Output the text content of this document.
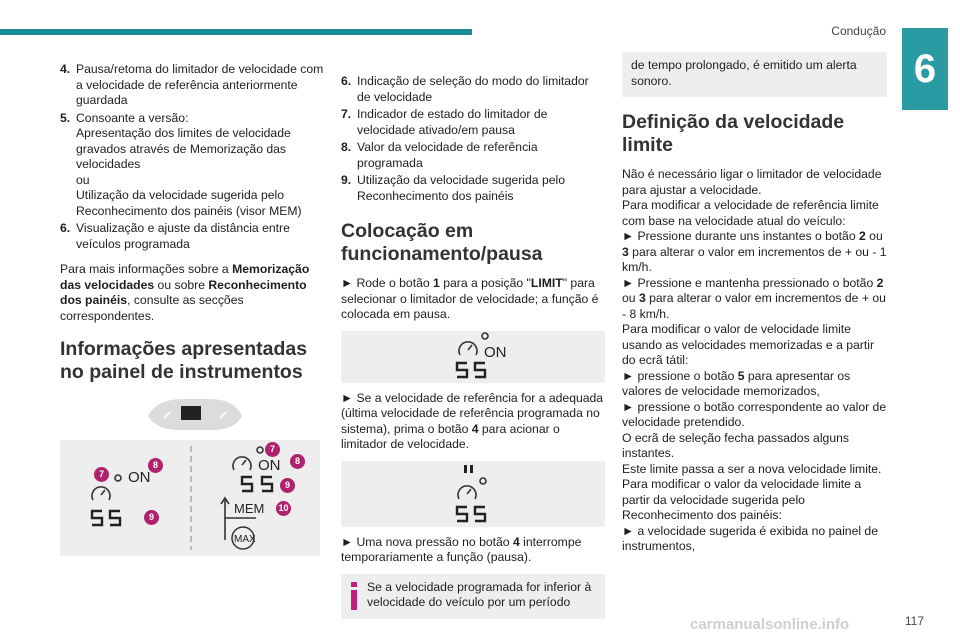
Condução
6
4. Pausa/retoma do limitador de velocidade com a velocidade de referência anteriormente guardada
5. Consoante a versão:
Apresentação dos limites de velocidade gravados através de Memorização das velocidades
ou
Utilização da velocidade sugerida pelo Reconhecimento dos painéis (visor MEM)
6. Visualização e ajuste da distância entre veículos programada

Para mais informações sobre a Memorização das velocidades ou sobre Reconhecimento dos painéis, consulte as secções correspondentes.

Informações apresentadas no painel de instrumentos
ON
ON
MEM
MAX
7
8
9
7
8
9
10
6. Indicação de seleção do modo do limitador de velocidade
7. Indicador de estado do limitador de velocidade ativado/em pausa
8. Valor da velocidade de referência programada
9. Utilização da velocidade sugerida pelo Reconhecimento dos painéis
Colocação em funcionamento/pausa

► Rode o botão 1 para a posição "LIMIT" para selecionar o limitador de velocidade; a função é colocada em pausa.

ON

► Se a velocidade de referência for a adequada (última velocidade de referência programada no sistema), prima o botão 4 para acionar o limitador de velocidade.

► Uma nova pressão no botão 4 interrompe temporariamente a função (pausa).

Se a velocidade programada for inferior à velocidade do veículo por um período
de tempo prolongado, é emitido um alerta sonoro.
Definição da velocidade limite
Não é necessário ligar o limitador de velocidade para ajustar a velocidade.
Para modificar a velocidade de referência limite com base na velocidade atual do veículo:
► Pressione durante uns instantes o botão 2 ou 3 para alterar o valor em incrementos de + ou - 1 km/h.
► Pressione e mantenha pressionado o botão 2 ou 3 para alterar o valor em incrementos de + ou - 8 km/h.
Para modificar o valor de velocidade limite usando as velocidades memorizadas e a partir do ecrã tátil:
► pressione o botão 5 para apresentar os valores de velocidade memorizados,
► pressione o botão correspondente ao valor de velocidade pretendido.
O ecrã de seleção fecha passados alguns instantes.
Este limite passa a ser a nova velocidade limite.
Para modificar o valor da velocidade limite a partir da velocidade sugerida pelo Reconhecimento dos painéis:
► a velocidade sugerida é exibida no painel de instrumentos,
carmanualsonline.info	117
